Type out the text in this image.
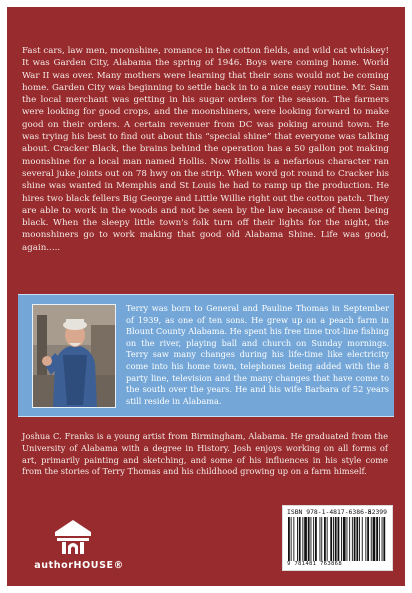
Fast cars, law men, moonshine, romance in the cotton fields, and wild cat whiskey! It was Garden City, Alabama the spring of 1946. Boys were coming home. World War II was over. Many mothers were learning that their sons would not be coming home. Garden City was beginning to settle back in to a nice easy routine. Mr. Sam the local merchant was getting in his sugar orders for the season. The farmers were looking for good crops, and the moonshiners, were looking forward to make good on their orders. A certain revenuer from DC was poking around town. He was trying his best to find out about this “special shine” that everyone was talking about. Cracker Black, the brains behind the operation has a 50 gallon pot making moonshine for a local man named Hollis. Now Hollis is a nefarious character ran several juke joints out on 78 hwy on the strip. When word got round to Cracker his shine was wanted in Memphis and St Louis he had to ramp up the production. He hires two black fellers Big George and Little Willie right out the cotton patch. They are able to work in the woods and not be seen by the law because of them being black. When the sleepy little town's folk turn off their lights for the night, the moonshiners go to work making that good old Alabama Shine. Life was good, again.....

Terry was born to General and Pauline Thomas in September of 1939, as one of ten sons. He grew up on a peach farm in Blount County Alabama. He spent his free time trot-line fishing on the river, playing ball and church on Sunday mornings. Terry saw many changes during his life-time like electricity come into his home town, telephones being added with the 8 party line, television and the many changes that have come to the south over the years. He and his wife Barbara of 52 years still reside in Alabama.

Joshua C. Franks is a young artist from Birmingham, Alabama. He graduated from the University of Alabama with a degree in History. Josh enjoys working on all forms of art, primarily painting and sketching, and some of his influences in his style come from the stories of Terry Thomas and his childhood growing up on a farm himself.

ISBN 978-1-4817-6386-8
52399
9 781481 763868
authorHOUSE®
